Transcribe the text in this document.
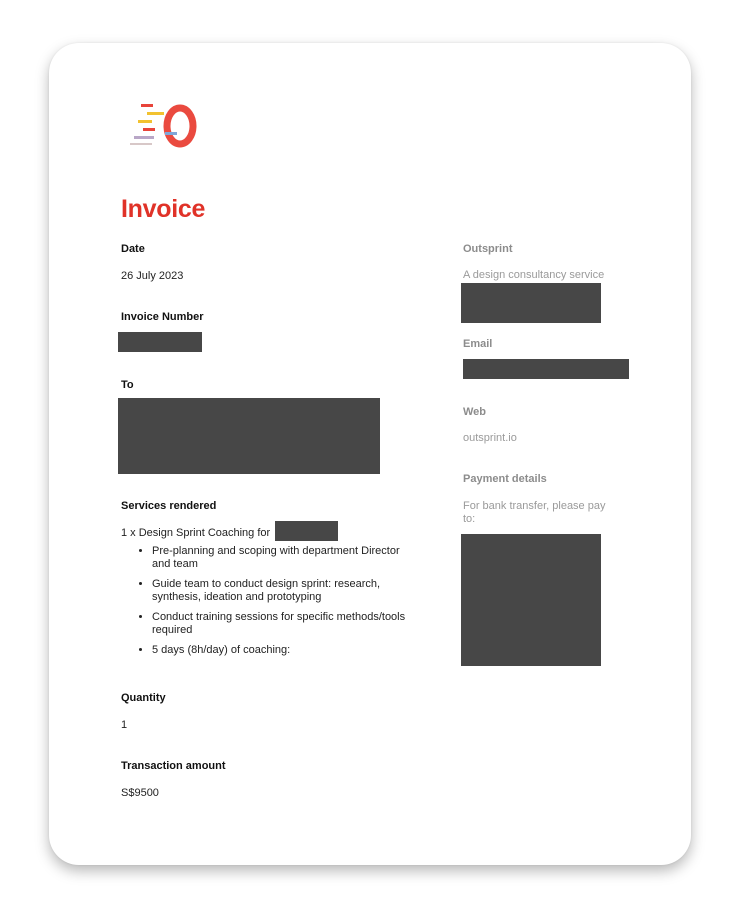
Invoice
Date
26 July 2023
Invoice Number
To
Services rendered
1 x Design Sprint Coaching for
• Pre-planning and scoping with department Director and team
• Guide team to conduct design sprint: research, synthesis, ideation and prototyping
• Conduct training sessions for specific methods/tools required
• 5 days (8h/day) of coaching:
Quantity
1
Transaction amount
S$9500
Outsprint
A design consultancy service
Email
Web
outsprint.io
Payment details
For bank transfer, please pay to:
